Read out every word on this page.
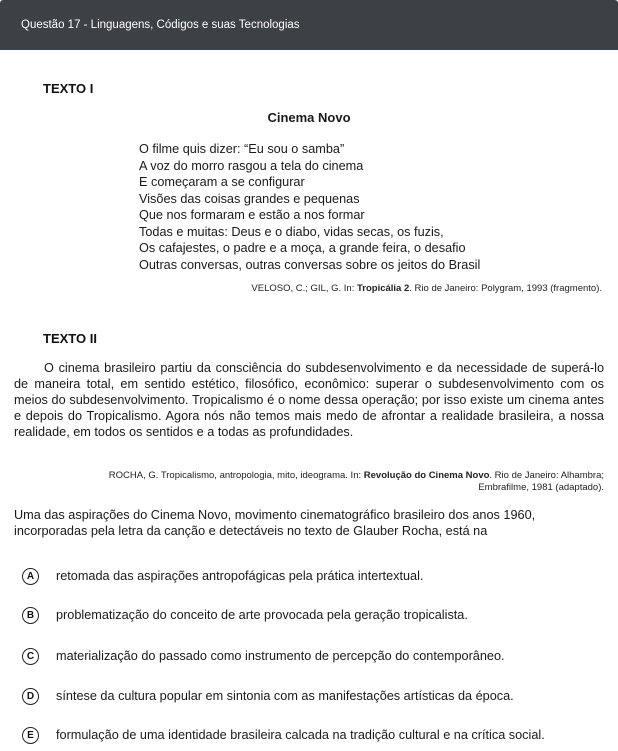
Questão 17 - Linguagens, Códigos e suas Tecnologias
TEXTO I
Cinema Novo
O filme quis dizer: “Eu sou o samba”
A voz do morro rasgou a tela do cinema
E começaram a se configurar
Visões das coisas grandes e pequenas
Que nos formaram e estão a nos formar
Todas e muitas: Deus e o diabo, vidas secas, os fuzis,
Os cafajestes, o padre e a moça, a grande feira, o desafio
Outras conversas, outras conversas sobre os jeitos do Brasil
VELOSO, C.; GIL, G. In: Tropicália 2. Rio de Janeiro: Polygram, 1993 (fragmento).
TEXTO II
O cinema brasileiro partiu da consciência do subdesenvolvimento e da necessidade de superá-lo de maneira total, em sentido estético, filosófico, econômico: superar o subdesenvolvimento com os meios do subdesenvolvimento. Tropicalismo é o nome dessa operação; por isso existe um cinema antes e depois do Tropicalismo. Agora nós não temos mais medo de afrontar a realidade brasileira, a nossa realidade, em todos os sentidos e a todas as profundidades.
ROCHA, G. Tropicalismo, antropologia, mito, ideograma. In: Revolução do Cinema Novo. Rio de Janeiro: Alhambra;
Embrafilme, 1981 (adaptado).
Uma das aspirações do Cinema Novo, movimento cinematográfico brasileiro dos anos 1960, incorporadas pela letra da canção e detectáveis no texto de Glauber Rocha, está na
A	retomada das aspirações antropofágicas pela prática intertextual.
B	problematização do conceito de arte provocada pela geração tropicalista.
C	materialização do passado como instrumento de percepção do contemporâneo.
D	síntese da cultura popular em sintonia com as manifestações artísticas da época.
E	formulação de uma identidade brasileira calcada na tradição cultural e na crítica social.
